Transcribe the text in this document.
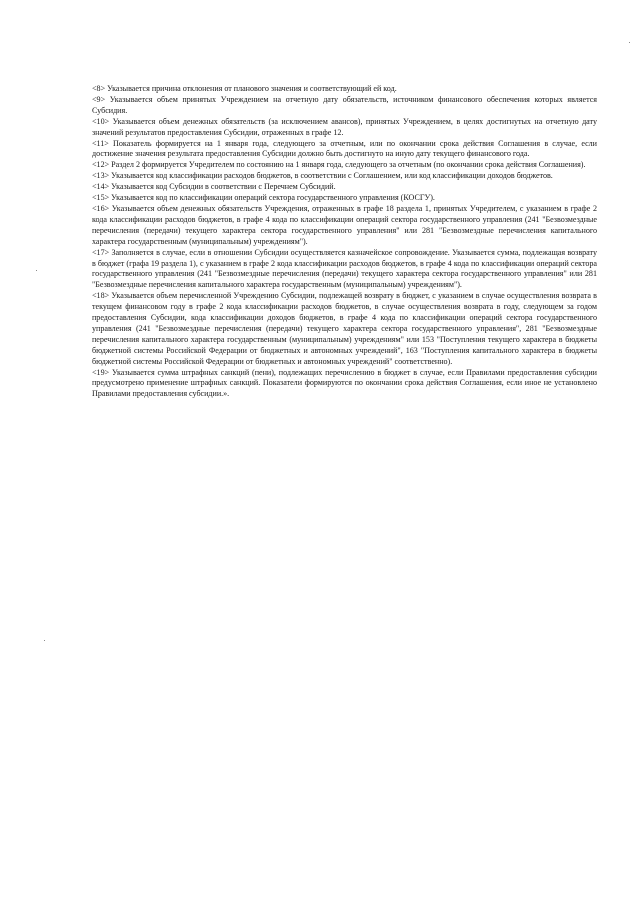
<8> Указывается причина отклонения от планового значения и соответствующий ей код.

<9> Указывается объем принятых Учреждением на отчетную дату обязательств, источником финансового обеспечения которых является Субсидия.

<10> Указывается объем денежных обязательств (за исключением авансов), принятых Учреждением, в целях достигнутых на отчетную дату значений результатов предоставления Субсидии, отраженных в графе 12.

<11> Показатель формируется на 1 января года, следующего за отчетным, или по окончании срока действия Соглашения в случае, если достижение значения результата предоставления Субсидии должно быть достигнуто на иную дату текущего финансового года.

<12> Раздел 2 формируется Учредителем по состоянию на 1 января года, следующего за отчетным (по окончании срока действия Соглашения).

<13> Указывается код классификации расходов бюджетов, в соответствии с Соглашением, или код классификации доходов бюджетов.

<14> Указывается код Субсидии в соответствии с Перечнем Субсидий.

<15> Указывается код по классификации операций сектора государственного управления (КОСГУ).

<16> Указывается объем денежных обязательств Учреждения, отраженных в графе 18 раздела 1, принятых Учредителем, с указанием в графе 2 кода классификации расходов бюджетов, в графе 4 кода по классификации операций сектора государственного управления (241 "Безвозмездные перечисления (передачи) текущего характера сектора государственного управления" или 281 "Безвозмездные перечисления капитального характера государственным (муниципальным) учреждениям").

<17> Заполняется в случае, если в отношении Субсидии осуществляется казначейское сопровождение. Указывается сумма, подлежащая возврату в бюджет (графа 19 раздела 1), с указанием в графе 2 кода классификации расходов бюджетов, в графе 4 кода по классификации операций сектора государственного управления (241 "Безвозмездные перечисления (передачи) текущего характера сектора государственного управления" или 281 "Безвозмездные перечисления капитального характера государственным (муниципальным) учреждениям").

<18> Указывается объем перечисленной Учреждению Субсидии, подлежащей возврату в бюджет, с указанием в случае осуществления возврата в текущем финансовом году в графе 2 кода классификации расходов бюджетов, в случае осуществления возврата в году, следующем за годом предоставления Субсидии, кода классификации доходов бюджетов, в графе 4 кода по классификации операций сектора государственного управления (241 "Безвозмездные перечисления (передачи) текущего характера сектора государственного управления", 281 "Безвозмездные перечисления капитального характера государственным (муниципальным) учреждениям" или 153 "Поступления текущего характера в бюджеты бюджетной системы Российской Федерации от бюджетных и автономных учреждений", 163 "Поступления капитального характера в бюджеты бюджетной системы Российской Федерации от бюджетных и автономных учреждений" соответственно).

<19> Указывается сумма штрафных санкций (пени), подлежащих перечислению в бюджет в случае, если Правилами предоставления субсидии предусмотрено применение штрафных санкций. Показатели формируются по окончании срока действия Соглашения, если иное не установлено Правилами предоставления субсидии.».
